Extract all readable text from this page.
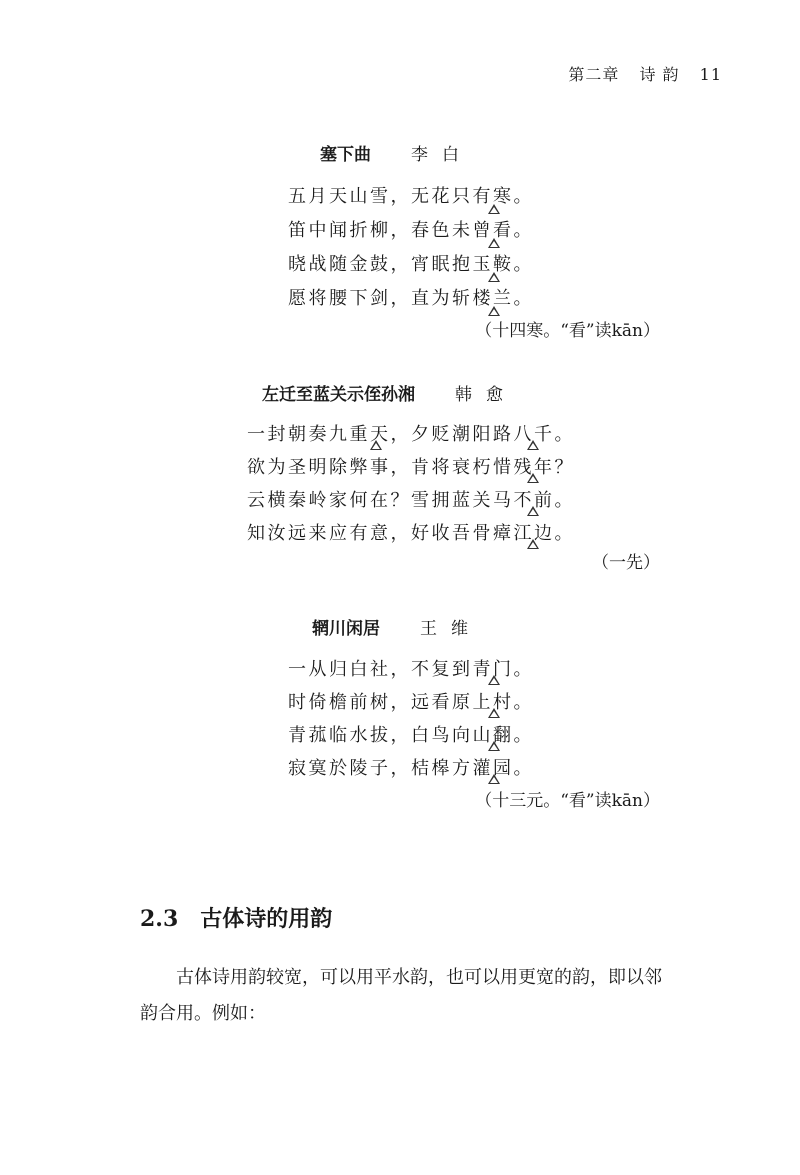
第二章 诗 韵 11
塞下曲 李白
五月天山雪，无花只有寒。
笛中闻折柳，春色未曾看。
晓战随金鼓，宵眠抱玉鞍。
愿将腰下剑，直为斩楼兰。
（十四寒。“看”读kān）
左迁至蓝关示侄孙湘 韩愈
一封朝奏九重天，夕贬潮阳路八千。
欲为圣明除弊事，肯将衰朽惜残年？
云横秦岭家何在？雪拥蓝关马不前。
知汝远来应有意，好收吾骨瘴江边。
（一先）
辋川闲居 王维
一从归白社，不复到青门。
时倚檐前树，远看原上村。
青菰临水拔，白鸟向山翻。
寂寞於陵子，桔槔方灌园。
（十三元。“看”读kān）
2.3 古体诗的用韵
古体诗用韵较宽，可以用平水韵，也可以用更宽的韵，即以邻韵合用。例如：
